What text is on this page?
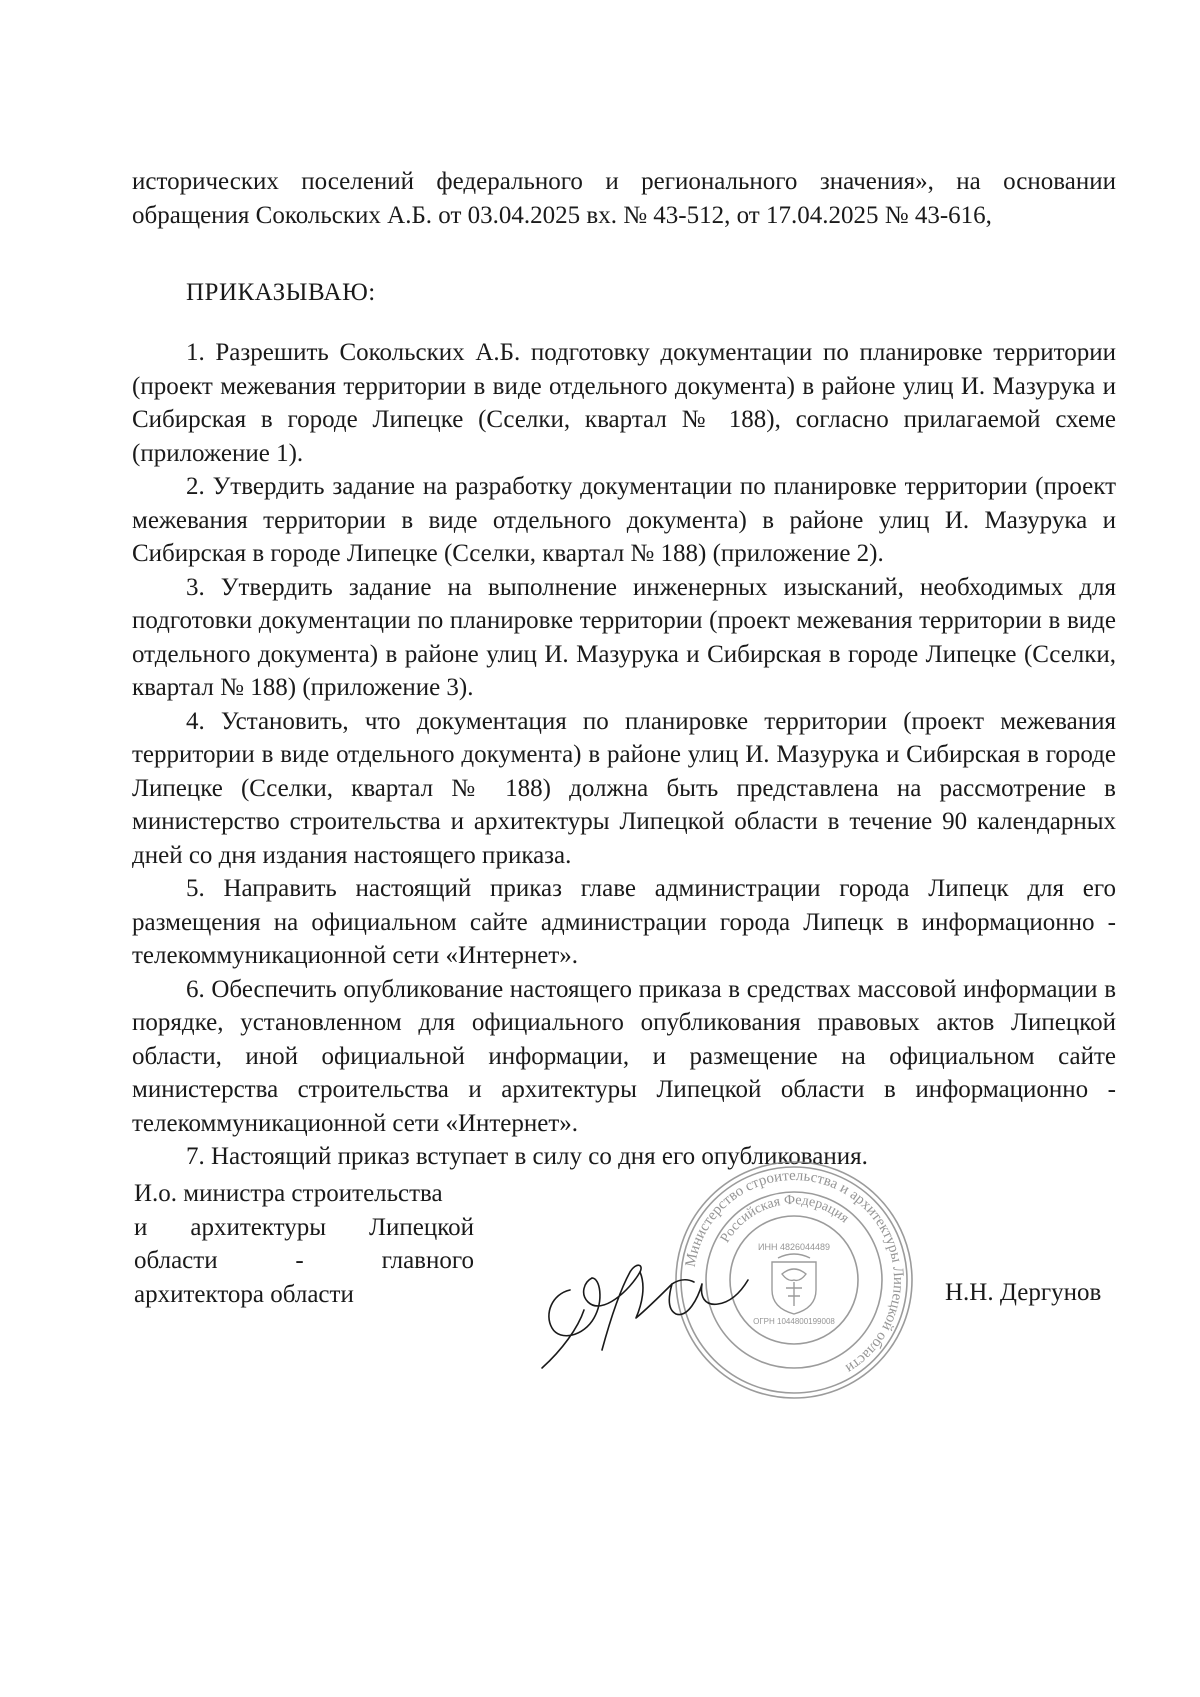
исторических поселений федерального и регионального значения», на основании обращения Сокольских А.Б. от 03.04.2025 вх. № 43-512, от 17.04.2025 № 43-616,

ПРИКАЗЫВАЮ:

1. Разрешить Сокольских А.Б. подготовку документации по планировке территории (проект межевания территории в виде отдельного документа) в районе улиц И. Мазурука и Сибирская в городе Липецке (Сселки, квартал № 188), согласно прилагаемой схеме (приложение 1).

2. Утвердить задание на разработку документации по планировке территории (проект межевания территории в виде отдельного документа) в районе улиц И. Мазурука и Сибирская в городе Липецке (Сселки, квартал № 188) (приложение 2).

3. Утвердить задание на выполнение инженерных изысканий, необходимых для подготовки документации по планировке территории (проект межевания территории в виде отдельного документа) в районе улиц И. Мазурука и Сибирская в городе Липецке (Сселки, квартал № 188) (приложение 3).

4. Установить, что документация по планировке территории (проект межевания территории в виде отдельного документа) в районе улиц И. Мазурука и Сибирская в городе Липецке (Сселки, квартал № 188) должна быть представлена на рассмотрение в министерство строительства и архитектуры Липецкой области в течение 90 календарных дней со дня издания настоящего приказа.

5. Направить настоящий приказ главе администрации города Липецк для его размещения на официальном сайте администрации города Липецк в информационно - телекоммуникационной сети «Интернет».

6. Обеспечить опубликование настоящего приказа в средствах массовой информации в порядке, установленном для официального опубликования правовых актов Липецкой области, иной официальной информации, и размещение на официальном сайте министерства строительства и архитектуры Липецкой области в информационно - телекоммуникационной сети «Интернет».

7. Настоящий приказ вступает в силу со дня его опубликования.

И.о. министра строительства
и архитектуры Липецкой
области - главного
архитектора области
Министерство строительства и архитектуры Липецкой области
Российская Федерация
ИНН 4826044489
ОГРН 1044800199008
Н.Н. Дергунов
